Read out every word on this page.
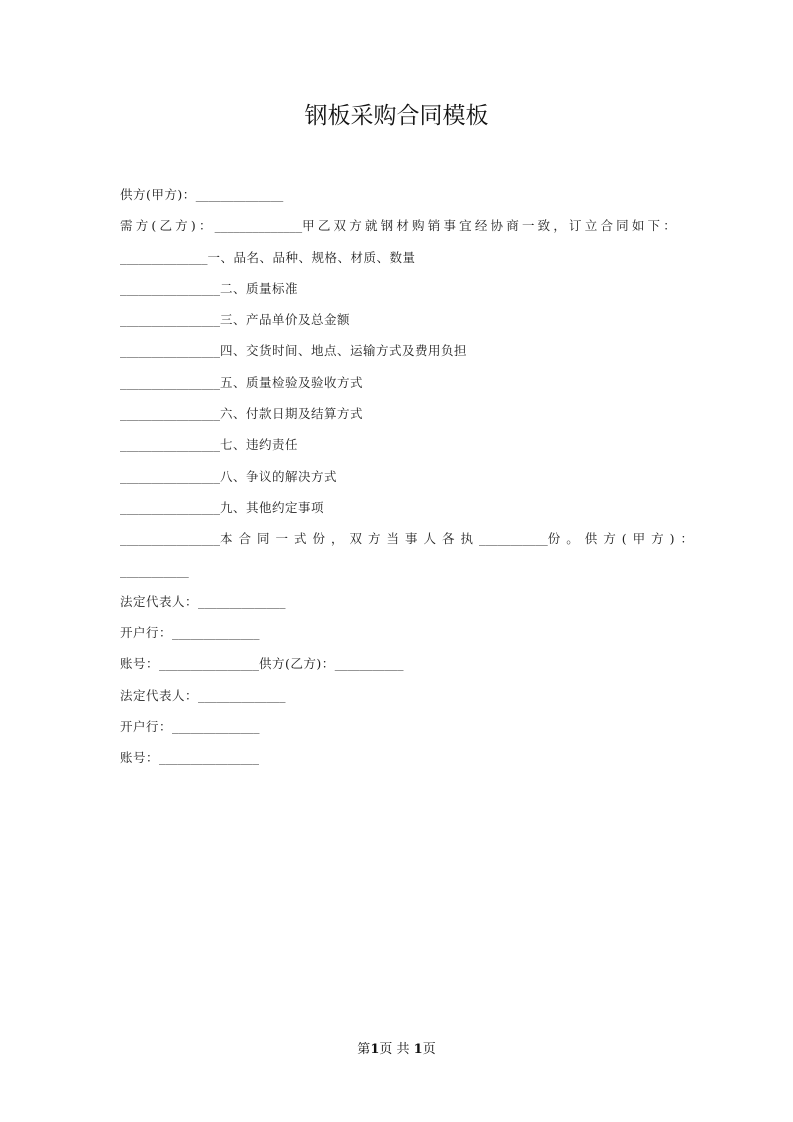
钢板采购合同模板
供方(甲方)：______________
需方(乙方)：______________甲乙双方就钢材购销事宜经协商一致，订立合同如下：
______________一、品名、品种、规格、材质、数量
________________二、质量标准
________________三、产品单价及总金额
________________四、交货时间、地点、运输方式及费用负担
________________五、质量检验及验收方式
________________六、付款日期及结算方式
________________七、违约责任
________________八、争议的解决方式
________________九、其他约定事项
________________本合同一式份，双方当事人各执___________份。供方(甲方)：
___________
法定代表人：______________
开户行：______________
账号：________________供方(乙方)：___________
法定代表人：______________
开户行：______________
账号：________________
第1页 共 1页
